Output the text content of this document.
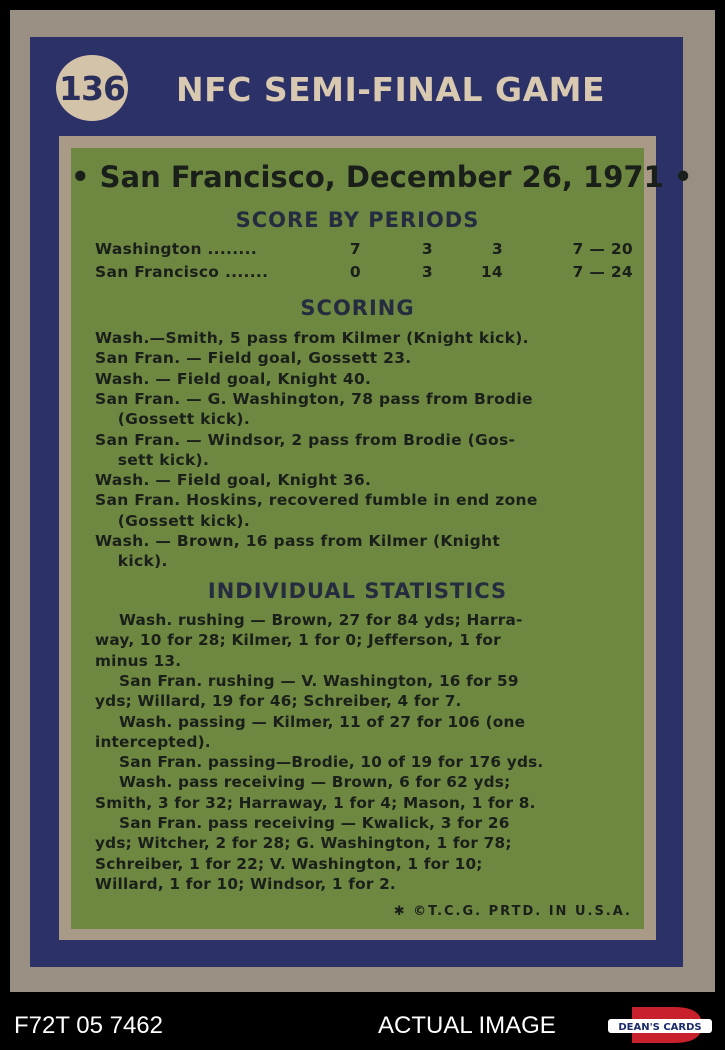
136 NFC SEMI-FINAL GAME
• San Francisco, December 26, 1971 •
SCORE BY PERIODS
Washington ........	7	3	3	7 — 20
San Francisco .......	0	3	14	7 — 24
SCORING
Wash.—Smith, 5 pass from Kilmer (Knight kick).
San Fran. — Field goal, Gossett 23.
Wash. — Field goal, Knight 40.
San Fran. — G. Washington, 78 pass from Brodie
(Gossett kick).
San Fran. — Windsor, 2 pass from Brodie (Gos-
sett kick).
Wash. — Field goal, Knight 36.
San Fran. Hoskins, recovered fumble in end zone
(Gossett kick).
Wash. — Brown, 16 pass from Kilmer (Knight
kick).
INDIVIDUAL STATISTICS
Wash. rushing — Brown, 27 for 84 yds; Harra-
way, 10 for 28; Kilmer, 1 for 0; Jefferson, 1 for
minus 13.
San Fran. rushing — V. Washington, 16 for 59
yds; Willard, 19 for 46; Schreiber, 4 for 7.
Wash. passing — Kilmer, 11 of 27 for 106 (one
intercepted).
San Fran. passing—Brodie, 10 of 19 for 176 yds.
Wash. pass receiving — Brown, 6 for 62 yds;
Smith, 3 for 32; Harraway, 1 for 4; Mason, 1 for 8.
San Fran. pass receiving — Kwalick, 3 for 26
yds; Witcher, 2 for 28; G. Washington, 1 for 78;
Schreiber, 1 for 22; V. Washington, 1 for 10;
Willard, 1 for 10; Windsor, 1 for 2.
✱ ©T.C.G. PRTD. IN U.S.A.
F72T 05 7462	ACTUAL IMAGE	DEAN'S CARDS
